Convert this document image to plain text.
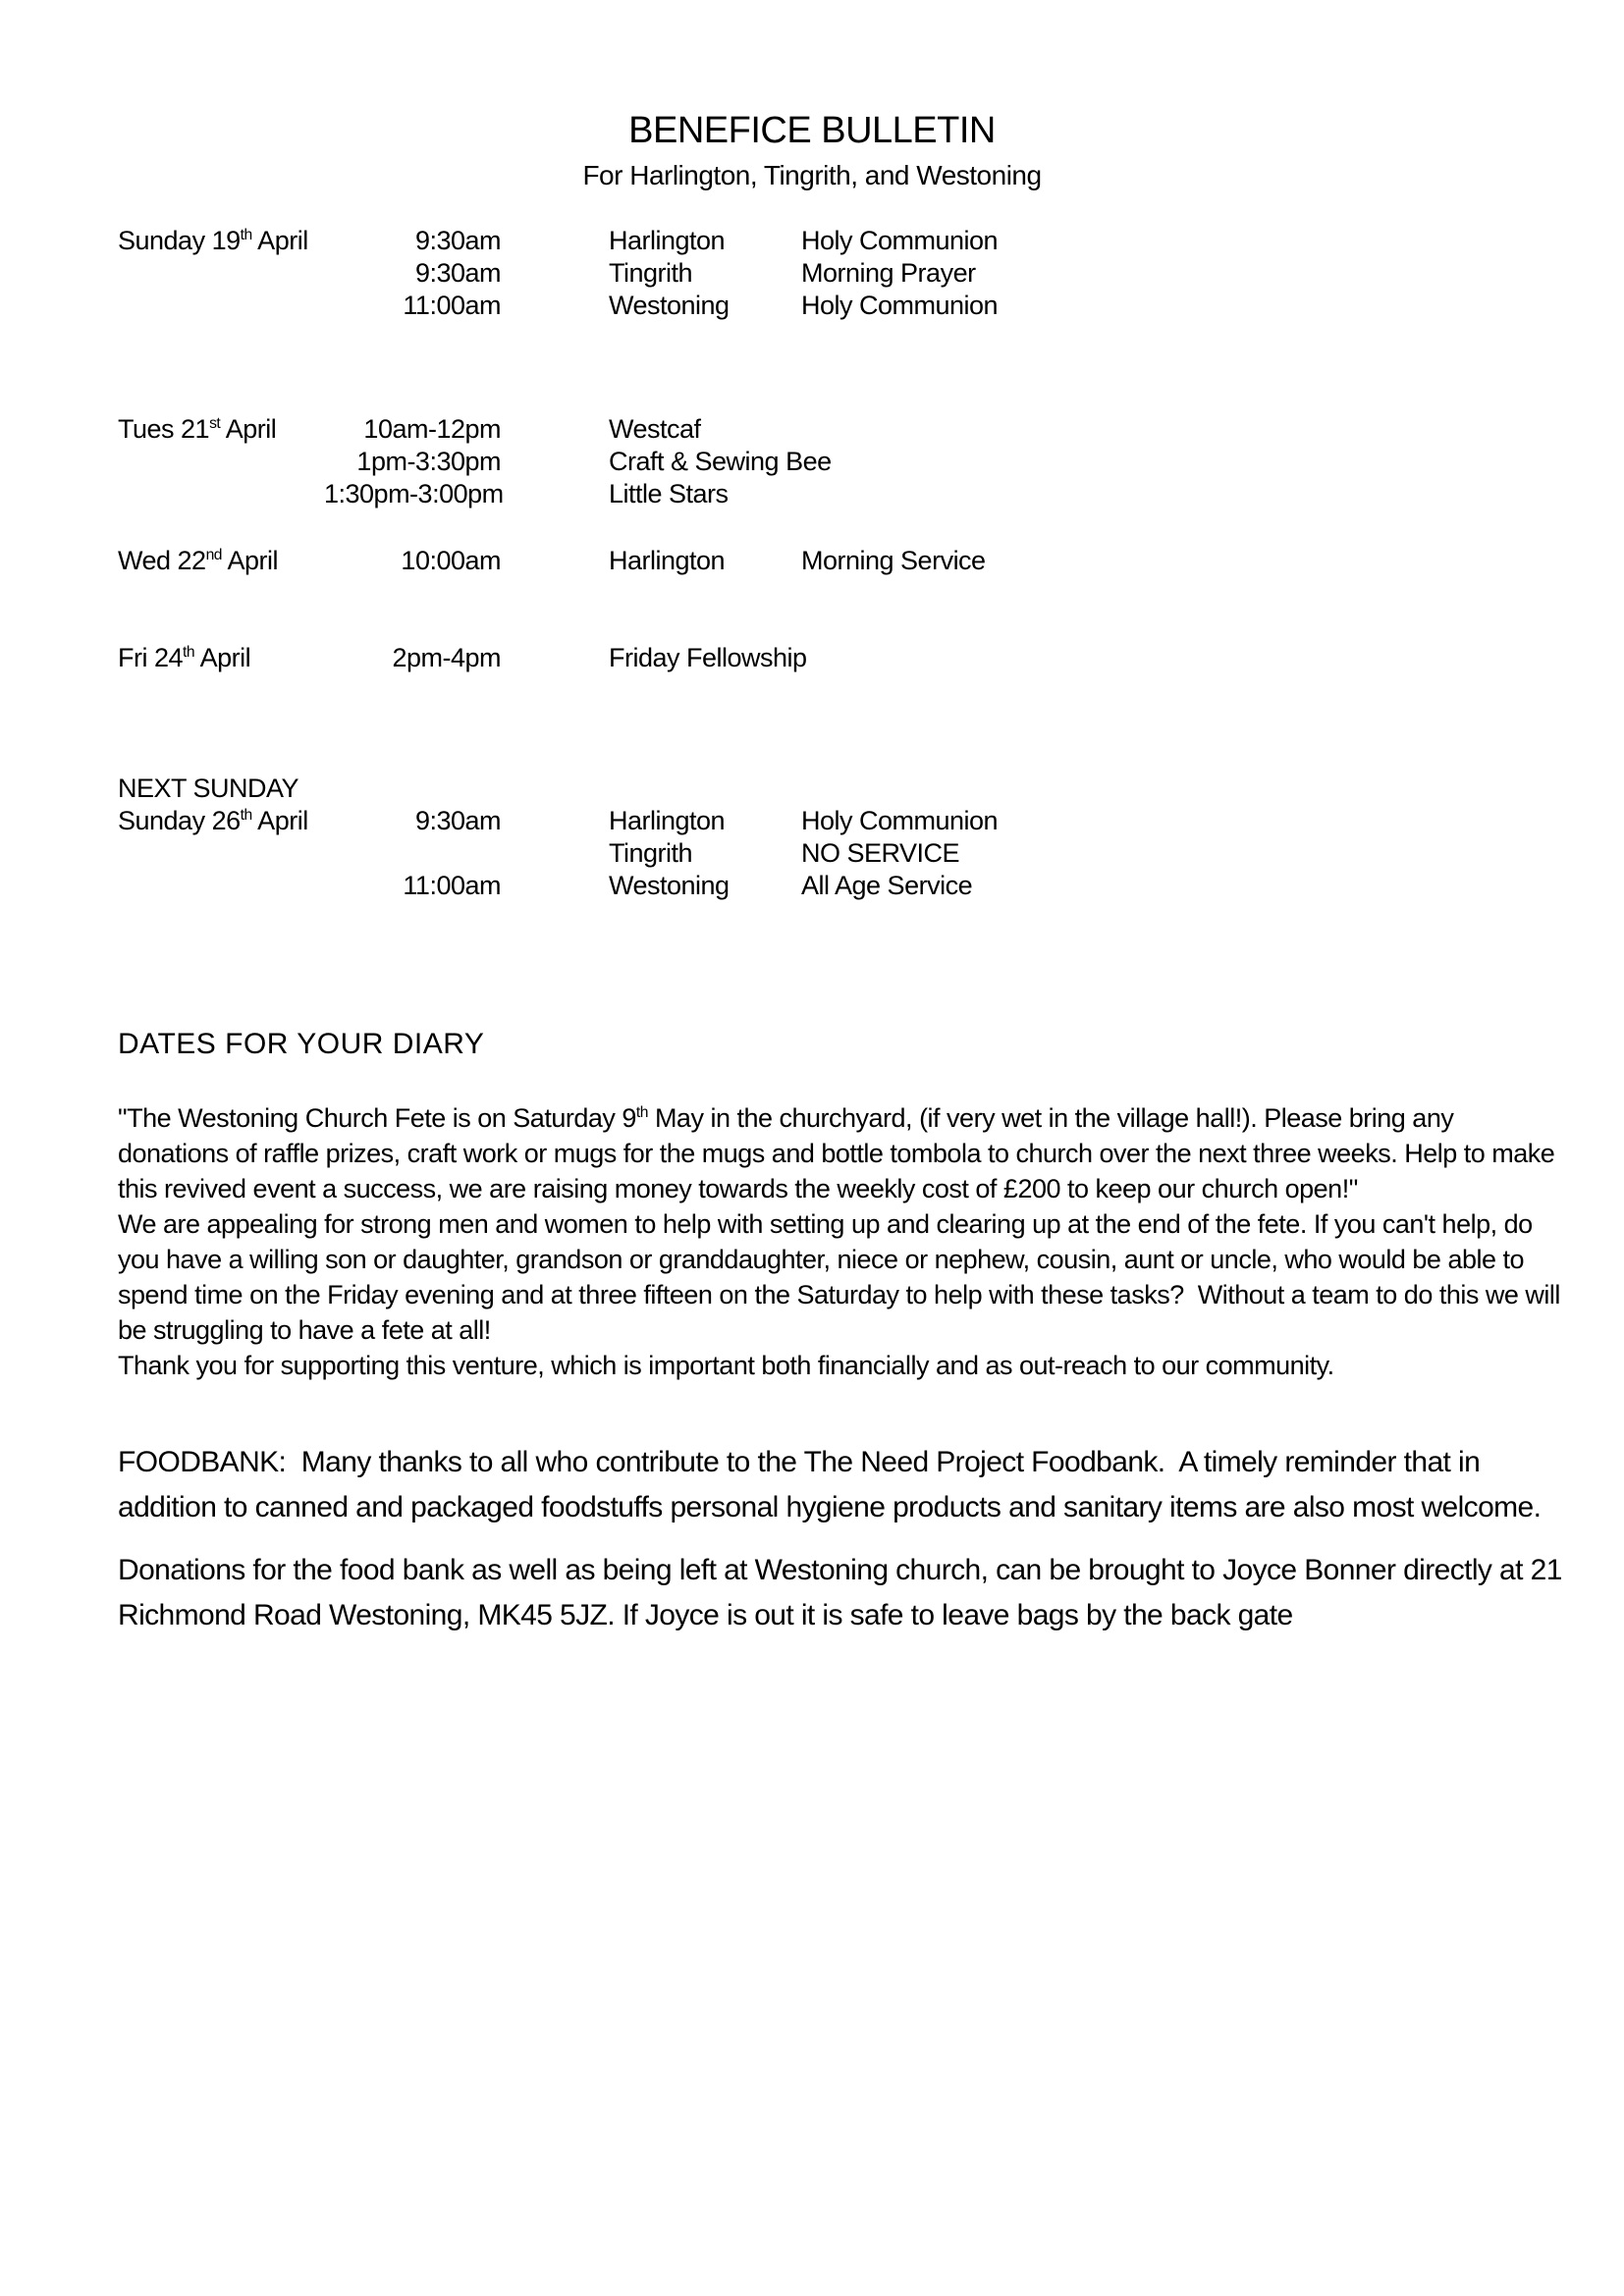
BENEFICE BULLETIN
For Harlington, Tingrith, and Westoning
Sunday 19th April	9:30am	Harlington	Holy Communion
9:30am	Tingrith	Morning Prayer
11:00am	Westoning	Holy Communion
Tues 21st April	10am-12pm	Westcaf
1pm-3:30pm	Craft & Sewing Bee
1:30pm-3:00pm	Little Stars
Wed 22nd April	10:00am	Harlington	Morning Service
Fri 24th April	2pm-4pm	Friday Fellowship
NEXT SUNDAY
Sunday 26th April	9:30am	Harlington	Holy Communion
Tingrith	NO SERVICE
11:00am	Westoning	All Age Service
DATES FOR YOUR DIARY

"The Westoning Church Fete is on Saturday 9th May in the churchyard, (if very wet in the village hall!). Please bring any donations of raffle prizes, craft work or mugs for the mugs and bottle tombola to church over the next three weeks. Help to make this revived event a success, we are raising money towards the weekly cost of £200 to keep our church open!"

We are appealing for strong men and women to help with setting up and clearing up at the end of the fete. If you can't help, do you have a willing son or daughter, grandson or granddaughter, niece or nephew, cousin, aunt or uncle, who would be able to spend time on the Friday evening and at three fifteen on the Saturday to help with these tasks?  Without a team to do this we will be struggling to have a fete at all!

Thank you for supporting this venture, which is important both financially and as out-reach to our community.

FOODBANK:  Many thanks to all who contribute to the The Need Project Foodbank.  A timely reminder that in addition to canned and packaged foodstuffs personal hygiene products and sanitary items are also most welcome.

Donations for the food bank as well as being left at Westoning church, can be brought to Joyce Bonner directly at 21 Richmond Road Westoning, MK45 5JZ. If Joyce is out it is safe to leave bags by the back gate
